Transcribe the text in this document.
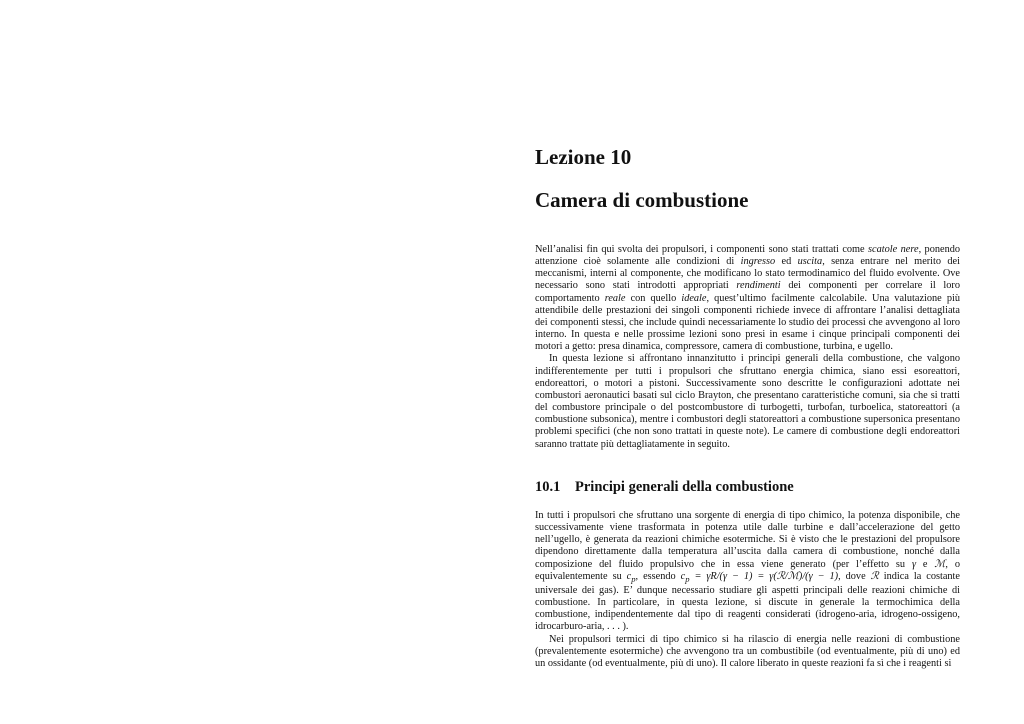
Lezione 10
Camera di combustione

Nell’analisi fin qui svolta dei propulsori, i componenti sono stati trattati come scatole nere, ponendo attenzione cioè solamente alle condizioni di ingresso ed uscita, senza entrare nel merito dei meccanismi, interni al componente, che modificano lo stato termodinamico del fluido evolvente. Ove necessario sono stati introdotti appropriati rendimenti dei componenti per correlare il loro comportamento reale con quello ideale, quest’ultimo facilmente calcolabile. Una valutazione più attendibile delle prestazioni dei singoli componenti richiede invece di affrontare l’analisi dettagliata dei componenti stessi, che include quindi necessariamente lo studio dei processi che avvengono al loro interno. In questa e nelle prossime lezioni sono presi in esame i cinque principali componenti dei motori a getto: presa dinamica, compressore, camera di combustione, turbina, e ugello.

In questa lezione si affrontano innanzitutto i principi generali della combustione, che valgono indifferentemente per tutti i propulsori che sfruttano energia chimica, siano essi esoreattori, endoreattori, o motori a pistoni. Successivamente sono descritte le configurazioni adottate nei combustori aeronautici basati sul ciclo Brayton, che presentano caratteristiche comuni, sia che si tratti del combustore principale o del postcombustore di turbogetti, turbofan, turboelica, statoreattori (a combustione subsonica), mentre i combustori degli statoreattori a combustione supersonica presentano problemi specifici (che non sono trattati in queste note). Le camere di combustione degli endoreattori saranno trattate più dettagliatamente in seguito.

10.1 Principi generali della combustione

In tutti i propulsori che sfruttano una sorgente di energia di tipo chimico, la potenza disponibile, che successivamente viene trasformata in potenza utile dalle turbine e dall’accelerazione del getto nell’ugello, è generata da reazioni chimiche esotermiche. Si è visto che le prestazioni del propulsore dipendono direttamente dalla temperatura all’uscita dalla camera di combustione, nonché dalla composizione del fluido propulsivo che in essa viene generato (per l’effetto su γ e ℳ, o equivalentemente su $c_p$, essendo $c_p = \gamma R/(\gamma - 1)$ = γ(ℛ/ℳ)/(γ − 1), dove ℛ indica la costante universale dei gas). E’ dunque necessario studiare gli aspetti principali delle reazioni chimiche di combustione. In particolare, in questa lezione, si discute in generale la termochimica della combustione, indipendentemente dal tipo di reagenti considerati (idrogeno-aria, idrogeno-ossigeno, idrocarburo-aria, . . . ).

Nei propulsori termici di tipo chimico si ha rilascio di energia nelle reazioni di combustione (prevalentemente esotermiche) che avvengono tra un combustibile (od eventualmente, più di uno) ed un ossidante (od eventualmente, più di uno). Il calore liberato in queste reazioni fa sì che i reagenti si
